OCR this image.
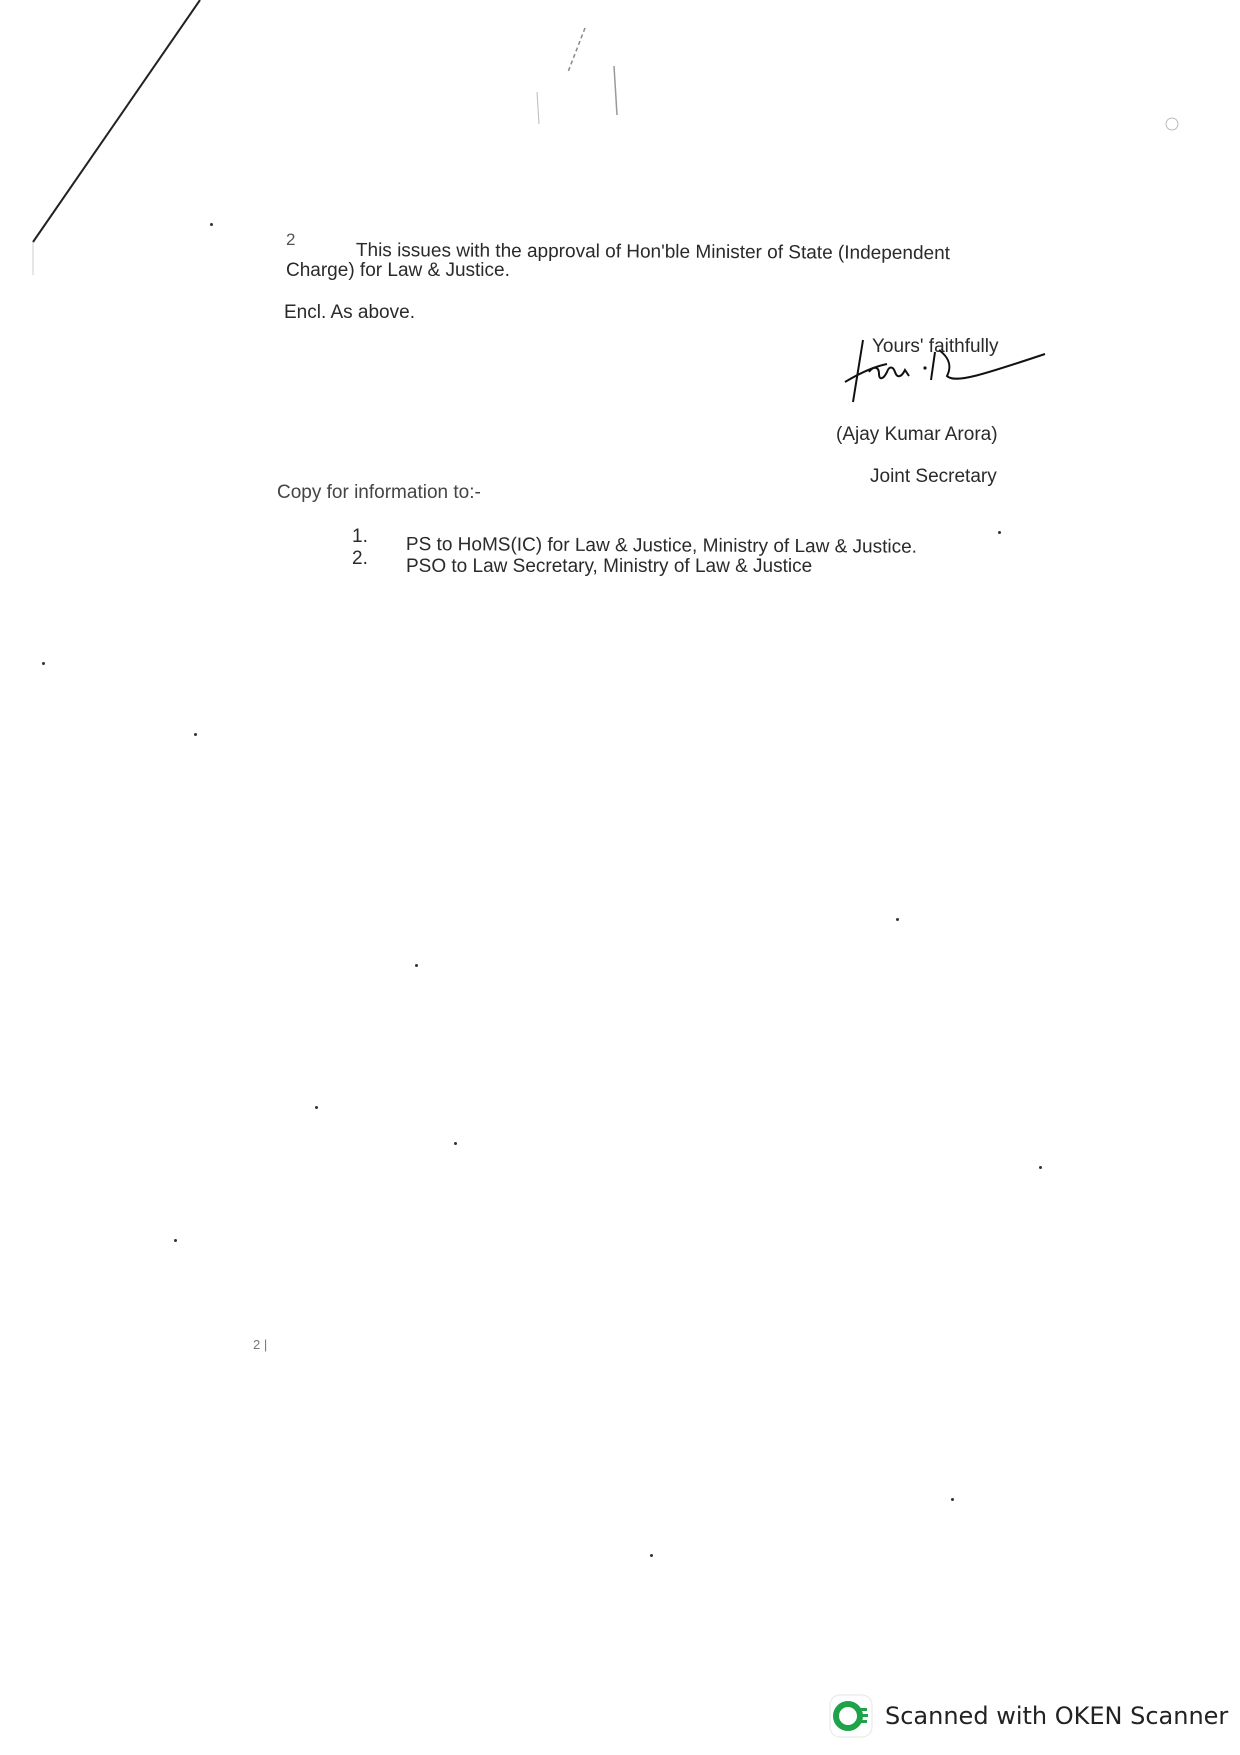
2
This issues with the approval of Hon'ble Minister of State (Independent
Charge) for Law & Justice.
Encl. As above.
Yours' faithfully
(Ajay Kumar Arora)
Joint Secretary
Copy for information to:-
1. PS to HoMS(IC) for Law & Justice, Ministry of Law & Justice.
2. PSO to Law Secretary, Ministry of Law & Justice
2 |
Scanned with OKEN Scanner
